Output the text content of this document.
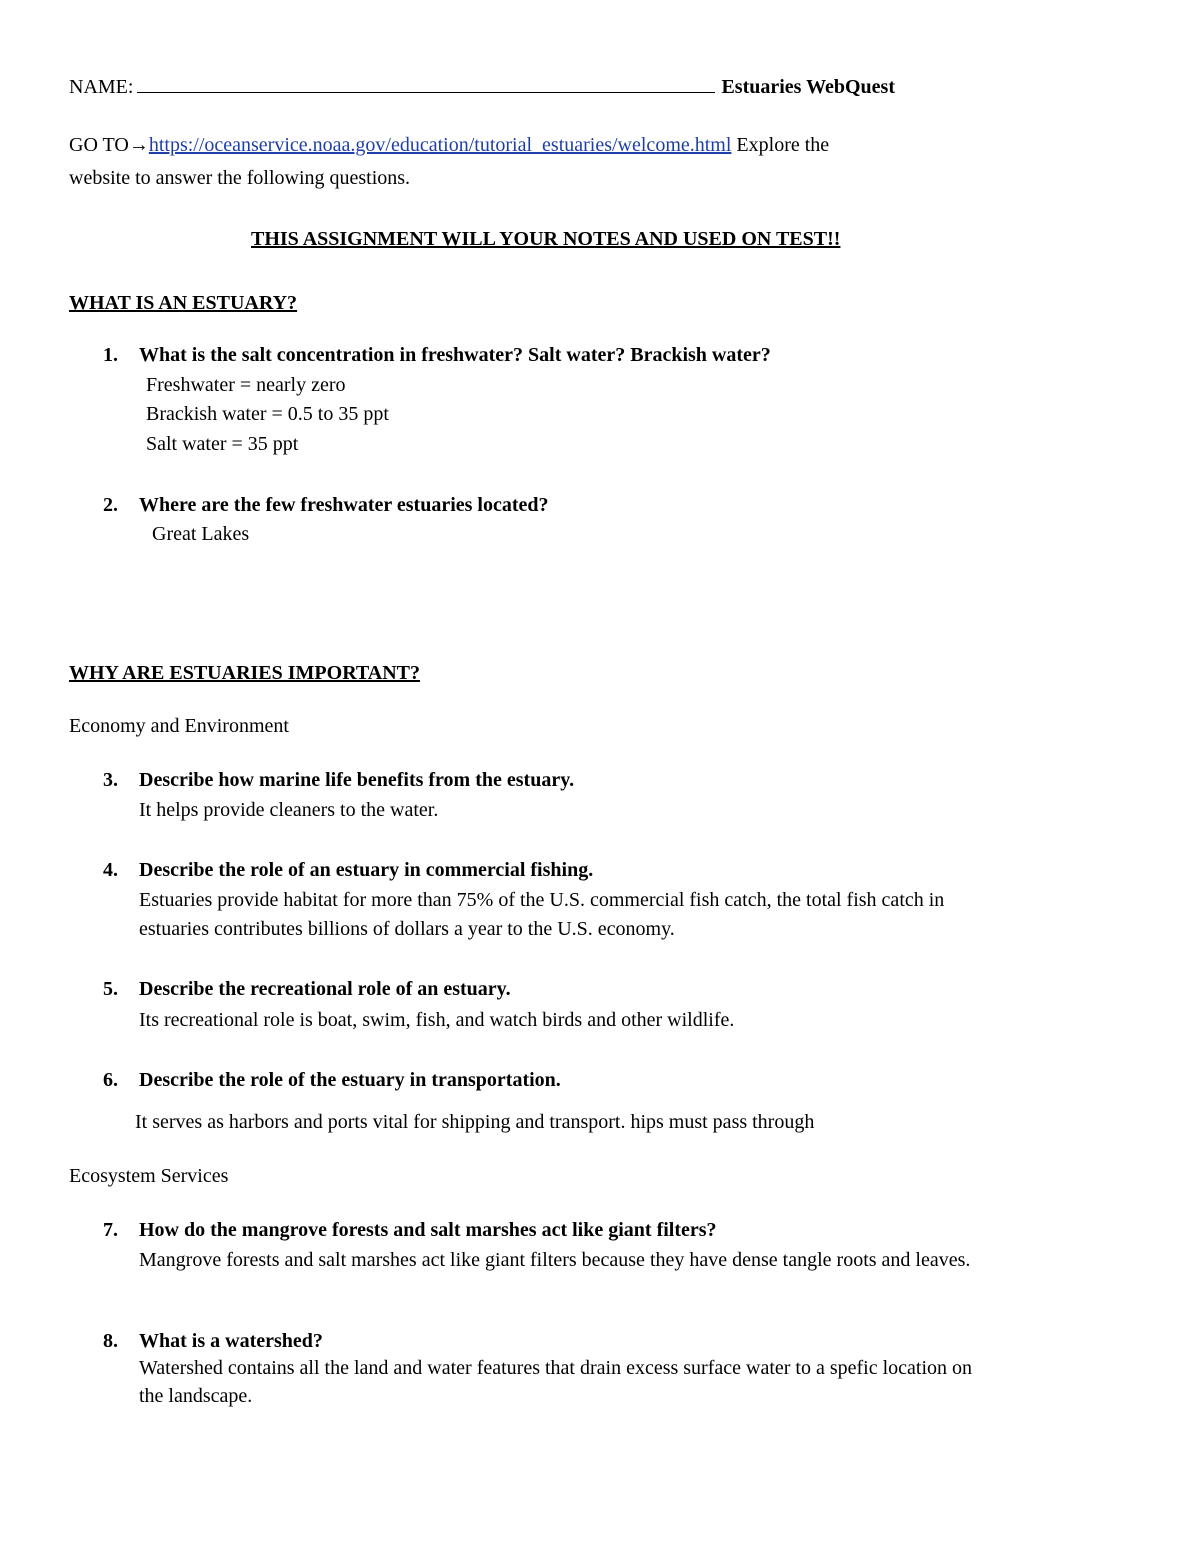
NAME:	Estuaries WebQuest
GO TO→https://oceanservice.noaa.gov/education/tutorial_estuaries/welcome.html Explore the
website to answer the following questions.
THIS ASSIGNMENT WILL YOUR NOTES AND USED ON TEST!!
WHAT IS AN ESTUARY?
1. What is the salt concentration in freshwater? Salt water? Brackish water?
Freshwater = nearly zero
Brackish water = 0.5 to 35 ppt
Salt water = 35 ppt
2. Where are the few freshwater estuaries located?
Great Lakes
WHY ARE ESTUARIES IMPORTANT?
Economy and Environment
3. Describe how marine life benefits from the estuary.
It helps provide cleaners to the water.
4. Describe the role of an estuary in commercial fishing.
Estuaries provide habitat for more than 75% of the U.S. commercial fish catch, the total fish catch in
estuaries contributes billions of dollars a year to the U.S. economy.
5. Describe the recreational role of an estuary.
Its recreational role is boat, swim, fish, and watch birds and other wildlife.
6. Describe the role of the estuary in transportation.
It serves as harbors and ports vital for shipping and transport. hips must pass through
Ecosystem Services
7. How do the mangrove forests and salt marshes act like giant filters?
Mangrove forests and salt marshes act like giant filters because they have dense tangle roots and leaves.
8. What is a watershed?
Watershed contains all the land and water features that drain excess surface water to a spefic location on
the landscape.
